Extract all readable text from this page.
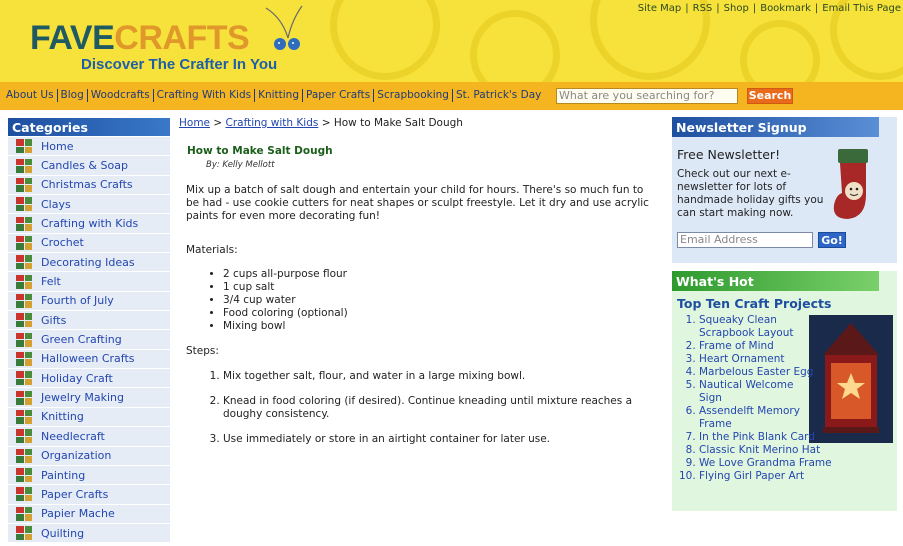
FAVECRAFTS
Discover The Crafter In You
Site Map | RSS | Shop | Bookmark | Email This Page
About Us Blog Woodcrafts Crafting With Kids Knitting Paper Crafts Scrapbooking St. Patrick's Day What are you searching for?	Search
Categories
Home
Candles & Soap
Christmas Crafts
Clays
Crafting with Kids
Crochet
Decorating Ideas
Felt
Fourth of July
Gifts
Green Crafting
Halloween Crafts
Holiday Craft
Jewelry Making
Knitting
Needlecraft
Organization
Painting
Paper Crafts
Papier Mache
Quilting
Home > Crafting with Kids > How to Make Salt Dough
How to Make Salt Dough
By: Kelly Mellott

Mix up a batch of salt dough and entertain your child for hours. There's so much fun to be had - use cookie cutters for neat shapes or sculpt freestyle. Let it dry and use acrylic paints for even more decorating fun!

Materials:
• 2 cups all-purpose flour
• 1 cup salt
• 3/4 cup water
• Food coloring (optional)
• Mixing bowl
Steps:
1. Mix together salt, flour, and water in a large mixing bowl.
2. Knead in food coloring (if desired). Continue kneading until mixture reaches a doughy consistency.
3. Use immediately or store in an airtight container for later use.
Newsletter Signup
Free Newsletter!
Check out our next e-newsletter for lots of handmade holiday gifts you can start making now.
Email Address	Go!
What's Hot
Top Ten Craft Projects
1. Squeaky Clean Scrapbook Layout
2. Frame of Mind
3. Heart Ornament
4. Marbelous Easter Egg
5. Nautical Welcome Sign
6. Assendelft Memory Frame
7. In the Pink Blank Card
8. Classic Knit Merino Hat
9. We Love Grandma Frame
10. Flying Girl Paper Art
